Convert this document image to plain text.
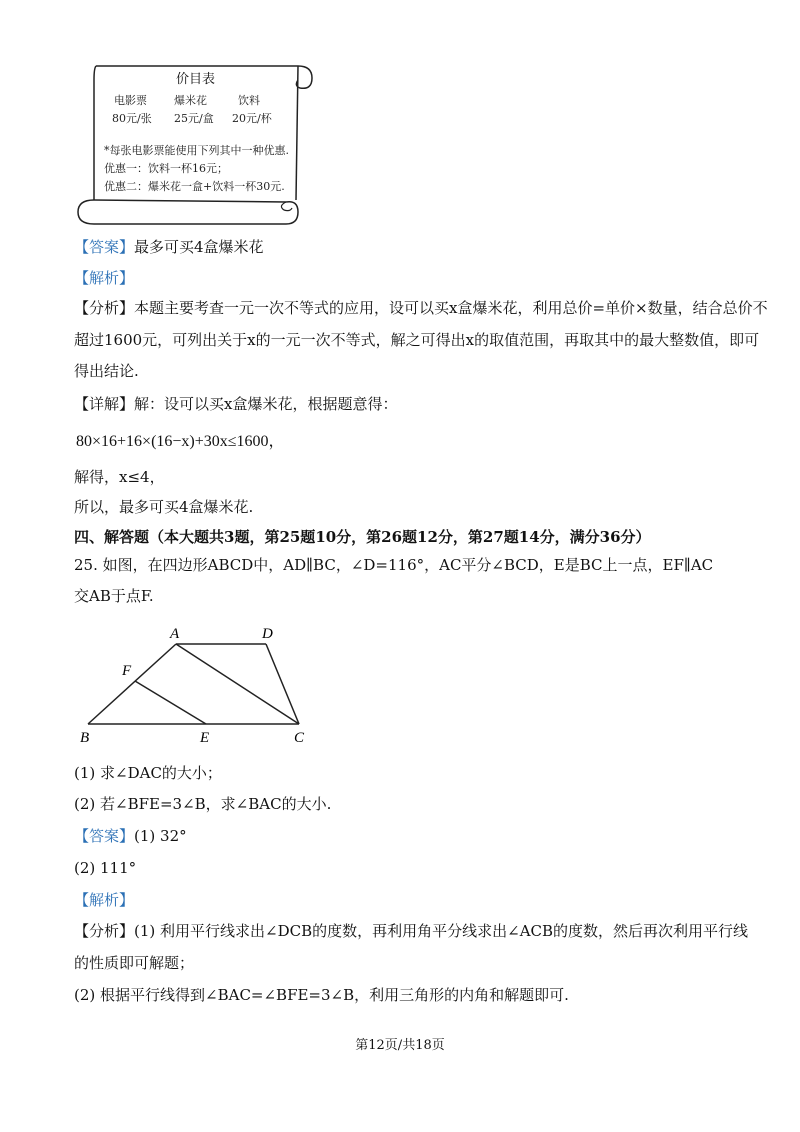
价目表
电影票 爆米花	饮料
80元/张 25元/盒 20元/杯
*每张电影票能使用下列其中一种优惠.
优惠一：饮料一杯16元；
优惠二：爆米花一盒+饮料一杯30元.
【答案】最多可买4盒爆米花
【解析】
【分析】本题主要考查一元一次不等式的应用，设可以买x盒爆米花，利用总价=单价×数量，结合总价不
超过1600元，可列出关于x的一元一次不等式，解之可得出x的取值范围，再取其中的最大整数值，即可
得出结论.
【详解】解：设可以买x盒爆米花，根据题意得：
80×16+16×(16−x)+30x≤1600，
解得，x≤4，
所以，最多可买4盒爆米花.
四、解答题（本大题共3题，第25题10分，第26题12分，第27题14分，满分36分）
25. 如图，在四边形ABCD中，AD∥BC，∠D=116°，AC平分∠BCD，E是BC上一点，EF∥AC
交AB于点F.
A	D
F
B	E	C
(1) 求∠DAC的大小；
(2) 若∠BFE=3∠B，求∠BAC的大小.
【答案】(1) 32°
(2) 111°
【解析】
【分析】(1) 利用平行线求出∠DCB的度数，再利用角平分线求出∠ACB的度数，然后再次利用平行线
的性质即可解题；
(2) 根据平行线得到∠BAC=∠BFE=3∠B，利用三角形的内角和解题即可.
第12页/共18页
